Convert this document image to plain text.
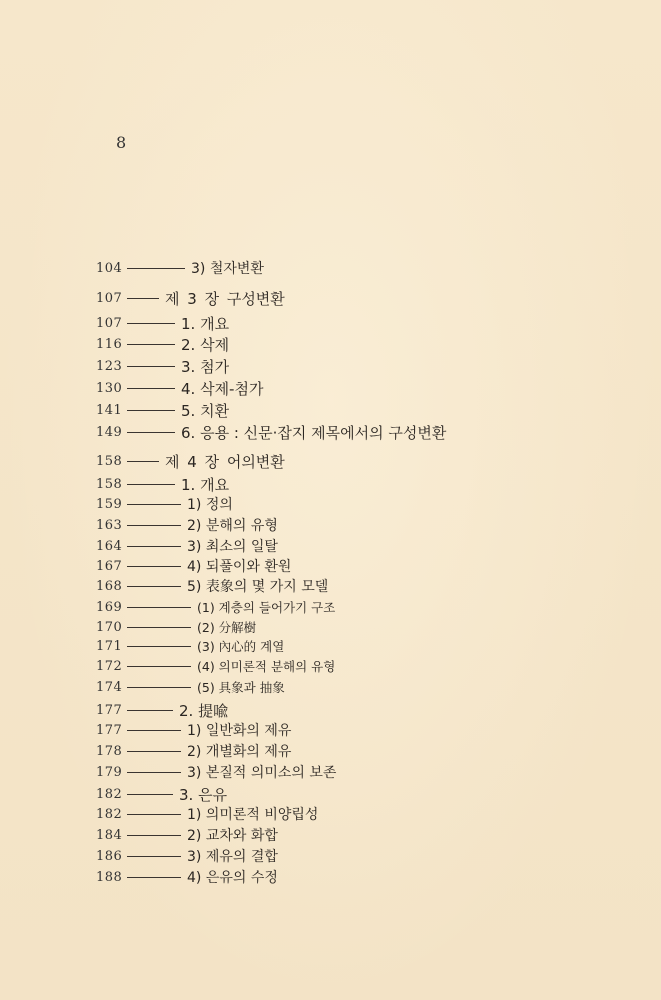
8
104	3) 철자변환
107	제 3 장 구성변환
107	1. 개요
116	2. 삭제
123	3. 첨가
130	4. 삭제-첨가
141	5. 치환
149	6. 응용 : 신문·잡지 제목에서의 구성변환
158	제 4 장 어의변환
158	1. 개요
159	1) 정의
163	2) 분해의 유형
164	3) 최소의 일탈
167	4) 되풀이와 환원
168	5) 表象의 몇 가지 모델
169	(1) 계층의 들어가기 구조
170	(2) 分解樹
171	(3) 內心的 계열
172	(4) 의미론적 분해의 유형
174	(5) 具象과 抽象
177	2. 提喩
177	1) 일반화의 제유
178	2) 개별화의 제유
179	3) 본질적 의미소의 보존
182	3. 은유
182	1) 의미론적 비양립성
184	2) 교차와 화합
186	3) 제유의 결합
188	4) 은유의 수정
